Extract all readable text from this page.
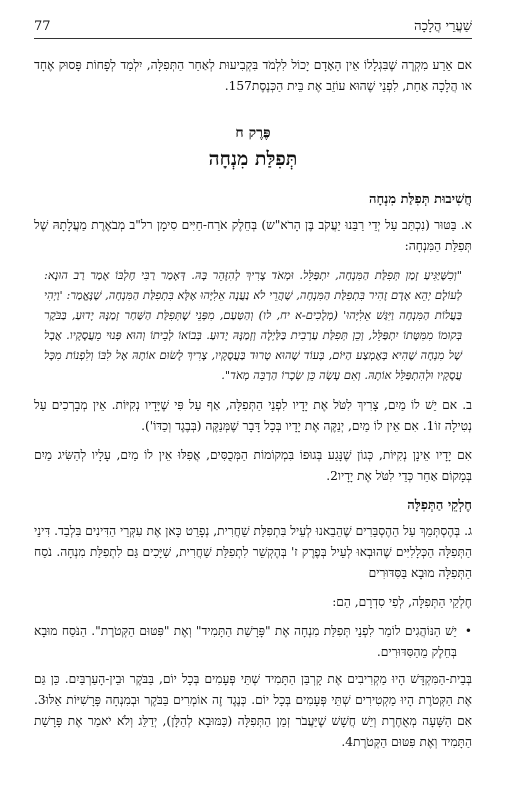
77	שַׁעֲרֵי הֲלָכָה

אם אֵרַע מִקְרֶה שֶׁבִּגְלָלוֹ אֵין הָאָדָם יָכוֹל לִלְמֹד בִּקְבִיעוּת לְאַחַר הַתְּפִלָּה, יִלְמַד לְפָחוֹת פָּסוּק אֶחָד או הֲלָכָה אַחַת, לִפְנֵי שֶׁהוּא עוֹזֵב אֶת בֵּית הַכְּנֶסֶת157.

פֶּרֶק ח
תְּפִלַּת מִנְחָה
חֲשִׁיבוּת תְּפִלַּת מִנְחָה

א. בַּטּוּר (נִכְתַּב עַל יְדֵי רַבֵּנוּ יַעֲקֹב בֶּן הָרֹא"ש) בְּחֵלֶק אֹרַח-חַיִּים סִימָן רל"ב מְבֹאֶרֶת מַעֲלָתָהּ שֶׁל תְּפִלַּת הַמִּנְחָה:

"וְכִשֶּׁיַּגִּיעַ זְמַן תְּפִלַּת הַמִּנְחָה, יִתְפַּלֵּל. וּמְאֹד צָרִיךְ לְהִזָּהֵר בָּהּ. דְּאָמַר רַבִּי חֶלְבּוֹ אָמַר רַב הוּנָא: לְעוֹלָם יְהֵא אָדָם זָהִיר בִּתְפִלַּת הַמִּנְחָה, שֶׁהֲרֵי לֹא נַעֲנָה אֵלִיָּהוּ אֶלָּא בִּתְפִלַּת הַמִּנְחָה, שֶׁנֶּאֱמַר: 'וַיְהִי בַּעֲלוֹת הַמִּנְחָה וַיִּגַּשׁ אֵלִיָּהוּ' (מְלָכִים-א יח, לו) וְהַטַּעַם, מִפְּנֵי שֶׁתְּפִלַּת הַשַּׁחַר זְמַנָּהּ יָדוּעַ, בַּבֹּקֶר בְּקוּמוֹ מִמִּטָּתוֹ יִתְפַּלֵּל, וְכֵן תְּפִלַּת עַרְבִית בַּלַּיְלָה וְזְמַנָּהּ יָדוּעַ. בְּבוֹאוֹ לְבֵיתוֹ וְהוּא פְּנוּי מֵעֲסָקָיו. אֲבָל שֶׁל מִנְחָה שֶׁהִיא בְּאֶמְצַע הַיּוֹם, בְּעוֹד שֶׁהוּא טָרוּד בַּעֲסָקָיו, צָרִיךְ לָשׂוּם אוֹתָהּ אֶל לִבּוֹ וְלִפְנוֹת מִכָּל עֲסָקָיו וּלְהִתְפַּלֵּל אוֹתָהּ. וְאִם עָשָׂה כֵּן שְׂכָרוֹ הַרְבֵּה מְאֹד".

ב. אם יֵשׁ לוֹ מַיִם, צָרִיךְ לִטֹּל אֶת יָדָיו לִפְנֵי הַתְּפִלָּה, אַף עַל פִּי שֶׁיָּדָיו נְקִיּוֹת. אֵין מְבָרְכִים עַל נְטִילָה זוֹ1. אִם אֵין לוֹ מַיִם, יְנַקֶּה אֶת יָדָיו בְּכָל דָּבָר שֶׁמְּנַקֶּה (בְּבֶגֶד וְכַדּוֹ').

אִם יָדָיו אֵינָן נְקִיּוֹת, כְּגוֹן שֶׁנָּגַע בְּגוּפוֹ בִּמְקוֹמוֹת הַמְּכֻסִּים, אֲפִלּוּ אֵין לוֹ מַיִם, עָלָיו לְהַשִּׂיג מַיִם בְּמָקוֹם אַחֵר כְּדֵי לִטֹּל אֶת יָדָיו2.

חֶלְקֵי הַתְּפִלָּה

ג. בְּהֶסְתְּמֵךְ עַל הַהֶסְבֵּרִים שֶׁהֵבֵאנוּ לְעֵיל בִּתְפִלַּת שַׁחֲרִית, נְפָרֵט כָּאן אֶת עִקְּרֵי הַדִּינִים בִּלְבַד. דִּינֵי הַתְּפִלָּה הַכְּלָלִיִּים שֶׁהוּבְאוּ לְעֵיל בְּפֶרֶק ז' בְּהֶקְשֵׁר לִתְפִלַּת שַׁחֲרִית, שַׁיָּכִים גַּם לִתְפִלַּת מִנְחָה. נֹסַח הַתְּפִלָּה מוּבָא בַּסִּדּוּרִים

חֶלְקֵי הַתְּפִלָּה, לְפִי סִדְרָם, הֵם:

•

יֵשׁ הַנּוֹהֲגִים לוֹמַר לִפְנֵי תְּפִלַּת מִנְחָה אֶת "פָּרָשַׁת הַתָּמִיד" וְאֶת "פִּטּוּם הַקְּטֹרֶת". הַנֹּסַח מוּבָא בְּחֵלֶק מֵהַסִּדּוּרִים.

בְּבֵית-הַמִּקְדָּשׁ הָיוּ מַקְרִיבִים אֶת קָרְבַּן הַתָּמִיד שְׁתֵּי פְּעָמִים בְּכָל יוֹם, בַּבֹּקֶר וּבֵין-הָעַרְבַּיִם. כֵּן גַּם אֶת הַקְּטֹרֶת הָיוּ מַקְטִירִים שְׁתֵּי פְּעָמִים בְּכָל יוֹם. כְּנֶגֶד זֶה אוֹמְרִים בַּבֹּקֶר וּבְמִנְחָה פָּרָשִׁיּוֹת אֵלּוּ3. אִם הַשָּׁעָה מְאֻחֶרֶת וְיֵשׁ חֲשָׁשׁ שֶׁיַּעֲבֹר זְמַן הַתְּפִלָּה (כַּמּוּבָא לְהַלָּן), יְדַלֵּג וְלֹא יֹאמַר אֶת פָּרָשַׁת הַתָּמִיד וְאֶת פִּטּוּם הַקְּטֹרֶת4.
